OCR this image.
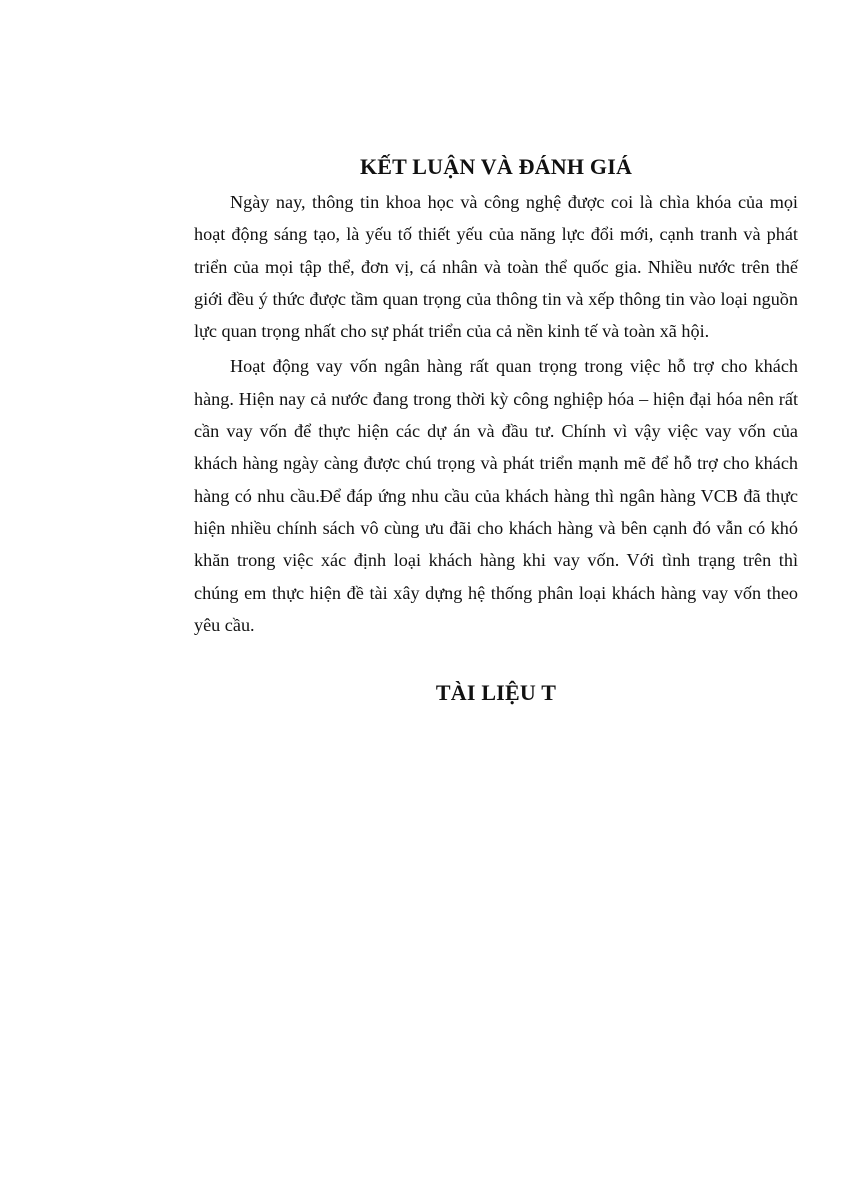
KẾT LUẬN VÀ ĐÁNH GIÁ

Ngày nay, thông tin khoa học và công nghệ được coi là chìa khóa của mọi hoạt động sáng tạo, là yếu tố thiết yếu của năng lực đổi mới, cạnh tranh và phát triển của mọi tập thể, đơn vị, cá nhân và toàn thể quốc gia. Nhiều nước trên thế giới đều ý thức được tầm quan trọng của thông tin và xếp thông tin vào loại nguồn lực quan trọng nhất cho sự phát triển của cả nền kinh tế và toàn xã hội.

Hoạt động vay vốn ngân hàng rất quan trọng trong việc hỗ trợ cho khách hàng. Hiện nay cả nước đang trong thời kỳ công nghiệp hóa – hiện đại hóa nên rất cần vay vốn để thực hiện các dự án và đầu tư. Chính vì vậy việc vay vốn của khách hàng ngày càng được chú trọng và phát triển mạnh mẽ để hỗ trợ cho khách hàng có nhu cầu.Để đáp ứng nhu cầu của khách hàng thì ngân hàng VCB đã thực hiện nhiều chính sách vô cùng ưu đãi cho khách hàng và bên cạnh đó vẫn có khó khăn trong việc xác định loại khách hàng khi vay vốn. Với tình trạng trên thì chúng em thực hiện đề tài xây dựng hệ thống phân loại khách hàng vay vốn theo yêu cầu.

TÀI LIỆU T
